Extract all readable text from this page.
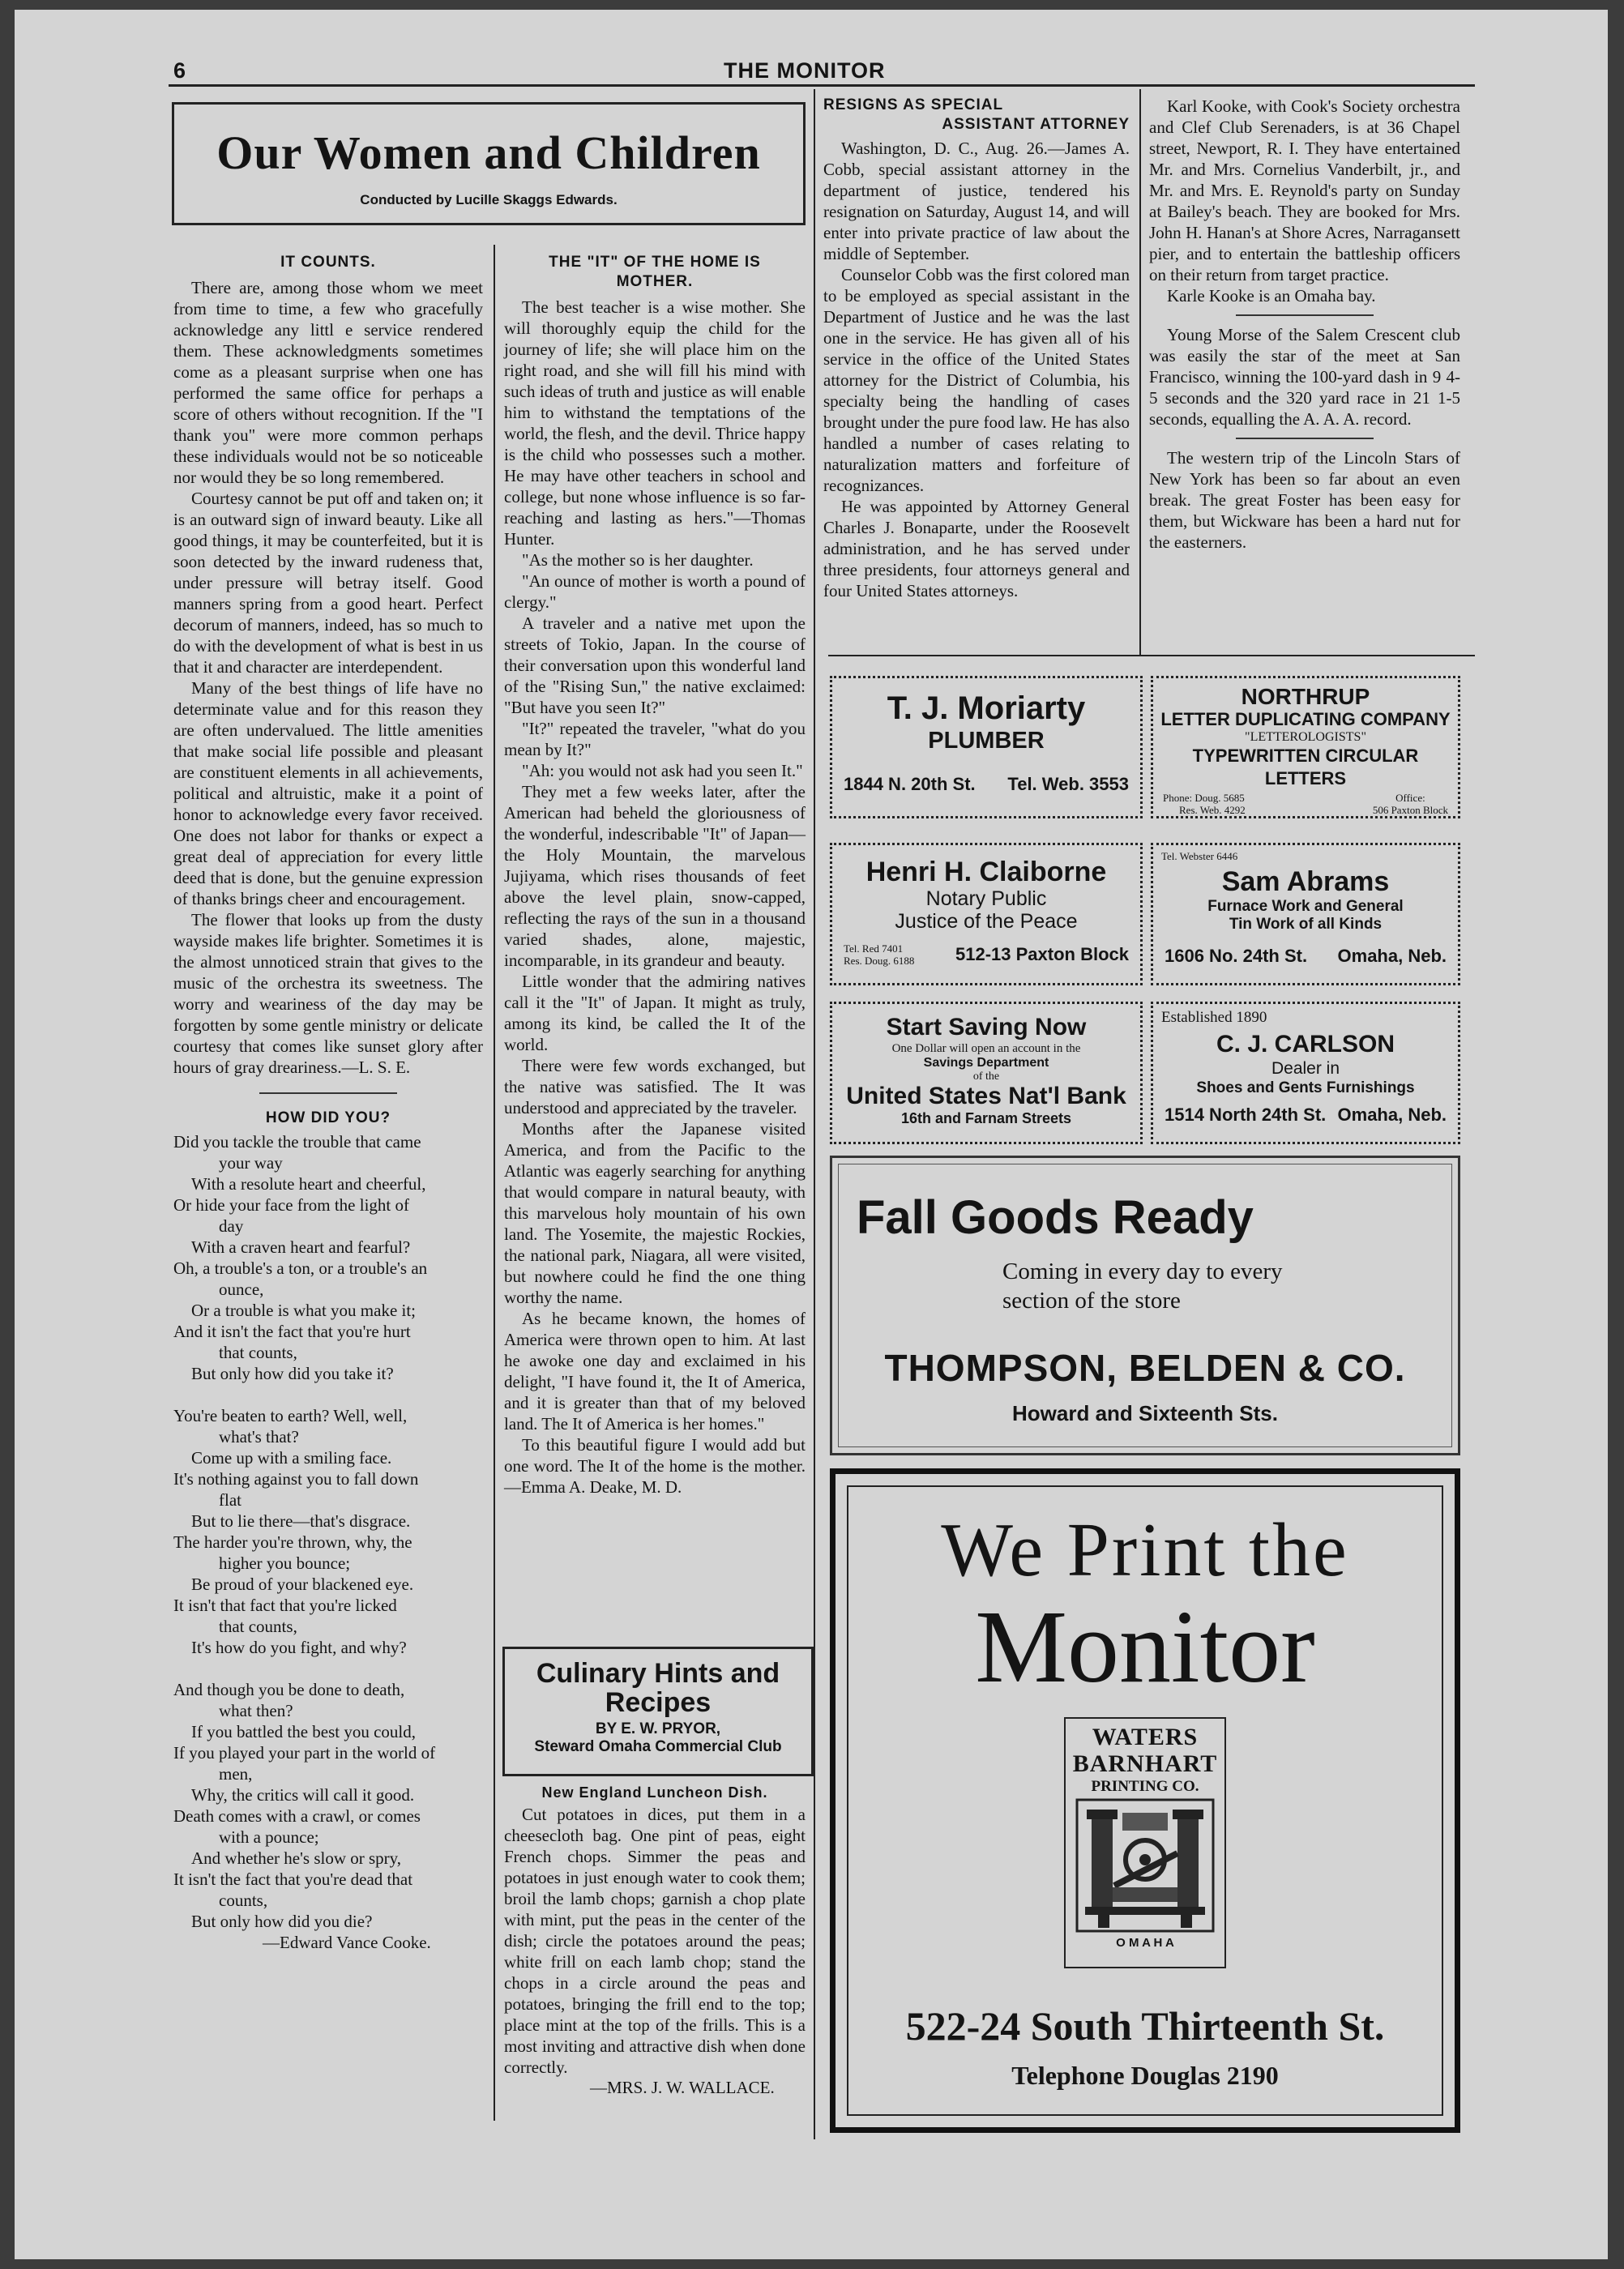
6	THE MONITOR
Our Women and Children
Conducted by Lucille Skaggs Edwards.
IT COUNTS.

There are, among those whom we meet from time to time, a few who gracefully acknowledge any littl e service rendered them. These acknowledgments sometimes come as a pleasant surprise when one has performed the same office for perhaps a score of others without recognition. If the "I thank you" were more common perhaps these individuals would not be so noticeable nor would they be so long remembered.

Courtesy cannot be put off and taken on; it is an outward sign of inward beauty. Like all good things, it may be counterfeited, but it is soon detected by the inward rudeness that, under pressure will betray itself. Good manners spring from a good heart. Perfect decorum of manners, indeed, has so much to do with the development of what is best in us that it and character are interdependent.

Many of the best things of life have no determinate value and for this reason they are often undervalued. The little amenities that make social life possible and pleasant are constituent elements in all achievements, political and altruistic, make it a point of honor to acknowledge every favor received. One does not labor for thanks or expect a great deal of appreciation for every little deed that is done, but the genuine expression of thanks brings cheer and encouragement.

The flower that looks up from the dusty wayside makes life brighter. Sometimes it is the almost unnoticed strain that gives to the music of the orchestra its sweetness. The worry and weariness of the day may be forgotten by some gentle ministry or delicate courtesy that comes like sunset glory after hours of gray dreariness.—L. S. E.

HOW DID YOU?
Did you tackle the trouble that came
your way
With a resolute heart and cheerful,
Or hide your face from the light of
day
With a craven heart and fearful?
Oh, a trouble's a ton, or a trouble's an
ounce,
Or a trouble is what you make it;
And it isn't the fact that you're hurt
that counts,
But only how did you take it?
You're beaten to earth? Well, well,
what's that?
Come up with a smiling face.
It's nothing against you to fall down
flat
But to lie there—that's disgrace.
The harder you're thrown, why, the
higher you bounce;
Be proud of your blackened eye.
It isn't that fact that you're licked
that counts,
It's how do you fight, and why?
And though you be done to death,
what then?
If you battled the best you could,
If you played your part in the world of
men,
Why, the critics will call it good.
Death comes with a crawl, or comes
with a pounce;
And whether he's slow or spry,
It isn't the fact that you're dead that
counts,
But only how did you die?
—Edward Vance Cooke.
THE "IT" OF THE HOME IS
MOTHER.

The best teacher is a wise mother. She will thoroughly equip the child for the journey of life; she will place him on the right road, and she will fill his mind with such ideas of truth and justice as will enable him to withstand the temptations of the world, the flesh, and the devil. Thrice happy is the child who possesses such a mother. He may have other teachers in school and college, but none whose influence is so far-reaching and lasting as hers."—Thomas Hunter.

"As the mother so is her daughter.

"An ounce of mother is worth a pound of clergy."

A traveler and a native met upon the streets of Tokio, Japan. In the course of their conversation upon this wonderful land of the "Rising Sun," the native exclaimed: "But have you seen It?"

"It?" repeated the traveler, "what do you mean by It?"

"Ah: you would not ask had you seen It."

They met a few weeks later, after the American had beheld the gloriousness of the wonderful, indescribable "It" of Japan—the Holy Mountain, the marvelous Jujiyama, which rises thousands of feet above the level plain, snow-capped, reflecting the rays of the sun in a thousand varied shades, alone, majestic, incomparable, in its grandeur and beauty.

Little wonder that the admiring natives call it the "It" of Japan. It might as truly, among its kind, be called the It of the world.

There were few words exchanged, but the native was satisfied. The It was understood and appreciated by the traveler.

Months after the Japanese visited America, and from the Pacific to the Atlantic was eagerly searching for anything that would compare in natural beauty, with this marvelous holy mountain of his own land. The Yosemite, the majestic Rockies, the national park, Niagara, all were visited, but nowhere could he find the one thing worthy the name.

As he became known, the homes of America were thrown open to him. At last he awoke one day and exclaimed in his delight, "I have found it, the It of America, and it is greater than that of my beloved land. The It of America is her homes."

To this beautiful figure I would add but one word. The It of the home is the mother.—Emma A. Deake, M. D.

Culinary Hints and Recipes
BY E. W. PRYOR,
Steward Omaha Commercial Club
New England Luncheon Dish.

Cut potatoes in dices, put them in a cheesecloth bag. One pint of peas, eight French chops. Simmer the peas and potatoes in just enough water to cook them; broil the lamb chops; garnish a chop plate with mint, put the peas in the center of the dish; circle the potatoes around the peas; white frill on each lamb chop; stand the chops in a circle around the peas and potatoes, bringing the frill end to the top; place mint at the top of the frills. This is a most inviting and attractive dish when done correctly.

—MRS. J. W. WALLACE.
RESIGNS AS SPECIAL
ASSISTANT ATTORNEY

Washington, D. C., Aug. 26.—James A. Cobb, special assistant attorney in the department of justice, tendered his resignation on Saturday, August 14, and will enter into private practice of law about the middle of September.

Counselor Cobb was the first colored man to be employed as special assistant in the Department of Justice and he was the last one in the service. He has given all of his service in the office of the United States attorney for the District of Columbia, his specialty being the handling of cases brought under the pure food law. He has also handled a number of cases relating to naturalization matters and forfeiture of recognizances.

He was appointed by Attorney General Charles J. Bonaparte, under the Roosevelt administration, and he has served under three presidents, four attorneys general and four United States attorneys.

Karl Kooke, with Cook's Society orchestra and Clef Club Serenaders, is at 36 Chapel street, Newport, R. I. They have entertained Mr. and Mrs. Cornelius Vanderbilt, jr., and Mr. and Mrs. E. Reynold's party on Sunday at Bailey's beach. They are booked for Mrs. John H. Hanan's at Shore Acres, Narragansett pier, and to entertain the battleship officers on their return from target practice.

Karle Kooke is an Omaha bay.

Young Morse of the Salem Crescent club was easily the star of the meet at San Francisco, winning the 100-yard dash in 9 4-5 seconds and the 320 yard race in 21 1-5 seconds, equalling the A. A. A. record.

The western trip of the Lincoln Stars of New York has been so far about an even break. The great Foster has been easy for them, but Wickware has been a hard nut for the easterners.

T. J. Moriarty
PLUMBER
1844 N. 20th St. Tel. Web. 3553
NORTHRUP
LETTER DUPLICATING COMPANY
"LETTEROLOGISTS"
TYPEWRITTEN CIRCULAR LETTERS
Phone: Doug. 5685
Res. Web. 4292
Office:
506 Paxton Block
Henri H. Claiborne
Notary Public
Justice of the Peace
Tel. Red 7401
Res. Doug. 6188 512-13 Paxton Block
Tel. Webster 6446
Sam Abrams
Furnace Work and General
Tin Work of all Kinds
1606 No. 24th St. Omaha, Neb.
Start Saving Now
One Dollar will open an account in the
Savings Department
of the
United States Nat'l Bank
16th and Farnam Streets
Established 1890
C. J. CARLSON
Dealer in
Shoes and Gents Furnishings
1514 North 24th St. Omaha, Neb.
Fall Goods Ready
Coming in every day to every
section of the store
THOMPSON, BELDEN & CO.
Howard and Sixteenth Sts.
We Print the
Monitor
WATERS
BARNHART
PRINTING CO.
O M A H A
522-24 South Thirteenth St.
Telephone Douglas 2190
